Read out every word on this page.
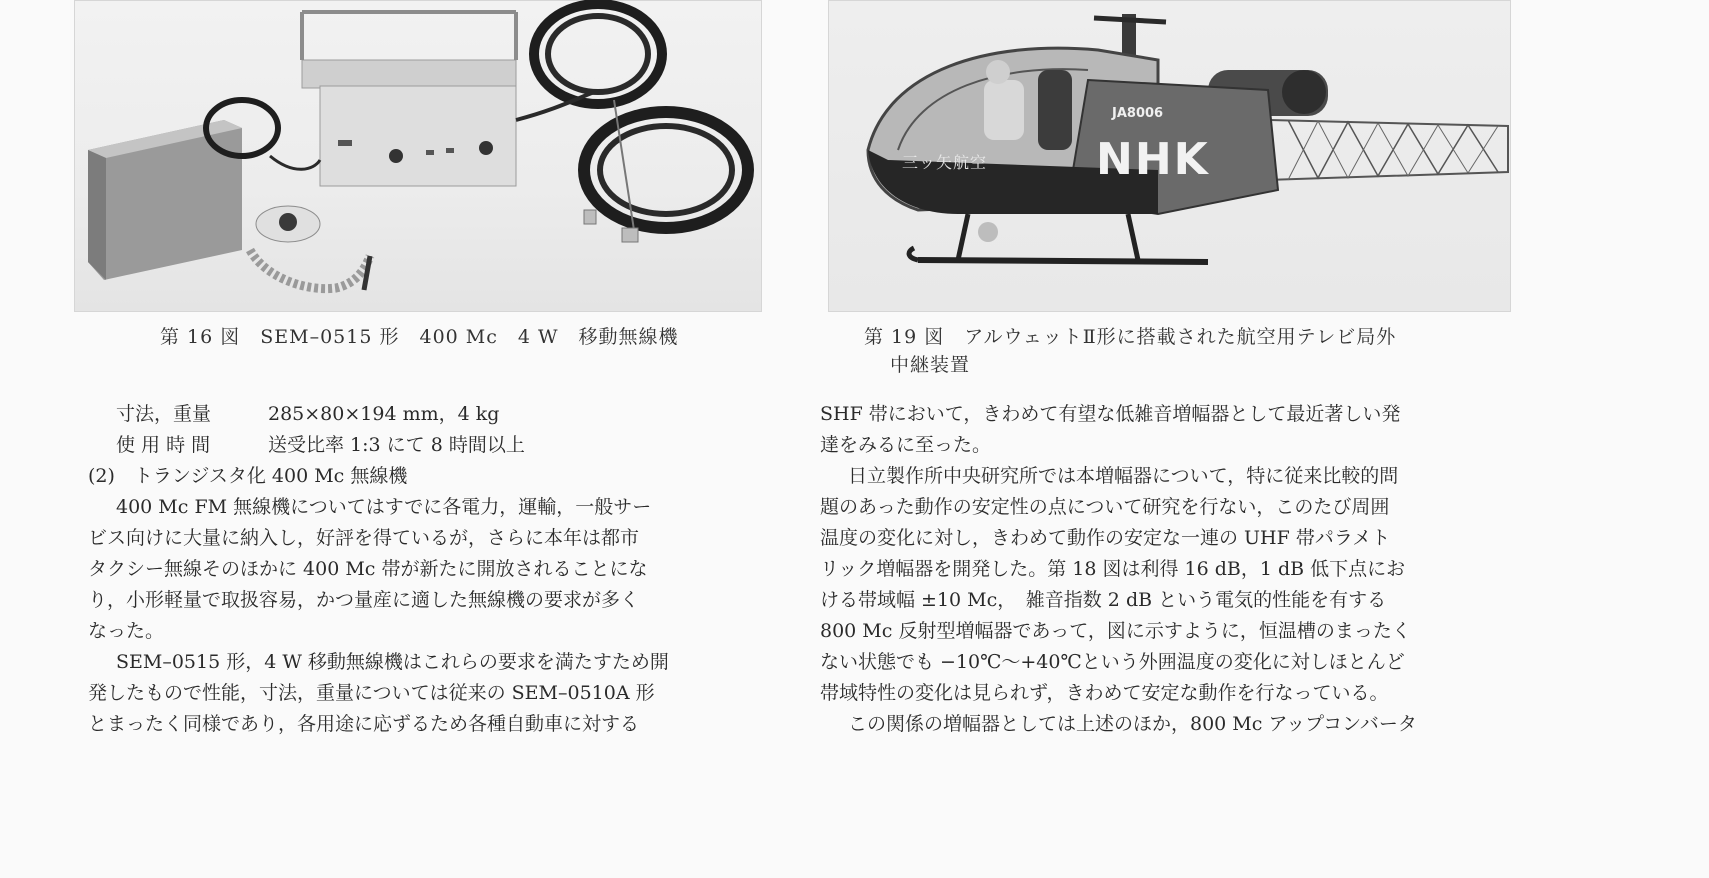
三ッ矢航空
JA8006
NHK
第 16 図　SEM–0515 形　400 Mc　4 W　移動無線機	第 19 図　アルウェットⅡ形に搭載された航空用テレビ局外
中継装置
寸法，重量	285×80×194 mm，4 kg
使 用 時 間	送受比率 1:3 にて 8 時間以上
(2)　トランジスタ化 400 Mc 無線機
400 Mc FM 無線機についてはすでに各電力，運輸，一般サー
ビス向けに大量に納入し，好評を得ているが，さらに本年は都市
タクシー無線そのほかに 400 Mc 帯が新たに開放されることにな
り，小形軽量で取扱容易，かつ量産に適した無線機の要求が多く
なった。
SEM–0515 形，4 W 移動無線機はこれらの要求を満たすため開
発したもので性能，寸法，重量については従来の SEM–0510A 形
とまったく同様であり，各用途に応ずるため各種自動車に対する
SHF 帯において，きわめて有望な低雑音増幅器として最近著しい発
達をみるに至った。
日立製作所中央研究所では本増幅器について，特に従来比較的問
題のあった動作の安定性の点について研究を行ない，このたび周囲
温度の変化に対し，きわめて動作の安定な一連の UHF 帯パラメト
リック増幅器を開発した。第 18 図は利得 16 dB，1 dB 低下点にお
ける帯域幅 ±10 Mc，　雑音指数 2 dB という電気的性能を有する
800 Mc 反射型増幅器であって，図に示すように，恒温槽のまったく
ない状態でも −10℃～+40℃という外囲温度の変化に対しほとんど
帯域特性の変化は見られず，きわめて安定な動作を行なっている。
この関係の増幅器としては上述のほか，800 Mc アップコンバータ
